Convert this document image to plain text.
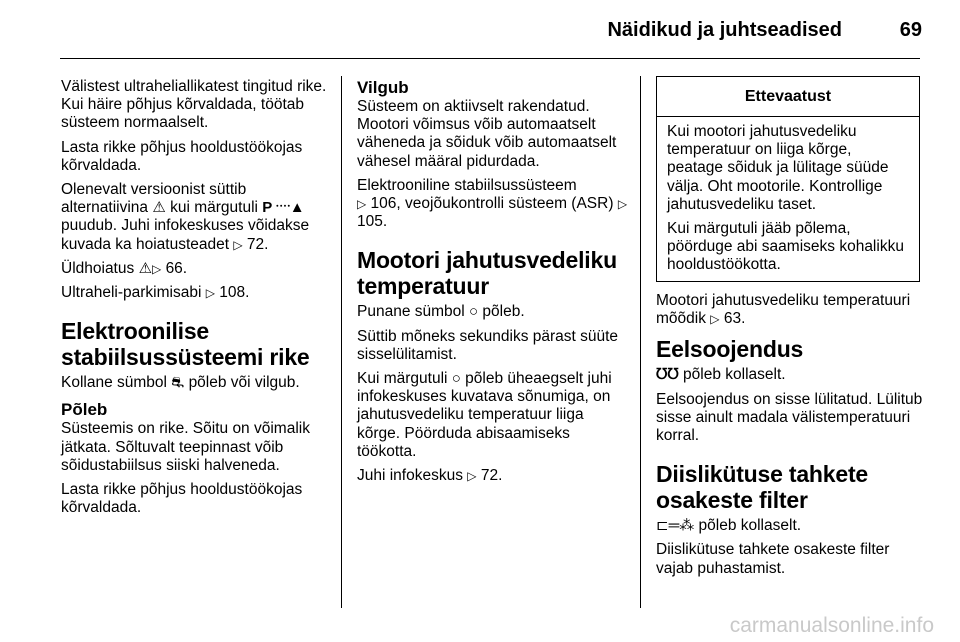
Näidikud ja juhtseadised	69
Välistest ultraheliallikatest tingitud rike. Kui häire põhjus kõrvaldada, töötab süsteem normaalselt.
Lasta rikke põhjus hooldustöökojas kõrvaldada.
Olenevalt versioonist süttib alternatiivina ⚠ kui märgutuli P᠁▲ puudub. Juhi infokeskuses võidakse kuvada ka hoiatusteadet ▷ 72.
Üldhoiatus ⚠▷ 66.
Ultraheli-parkimisabi ▷ 108.
Elektroonilise stabiilsussüsteemi rike
Kollane sümbol ⛐ põleb või vilgub.
Põleb
Süsteemis on rike. Sõitu on võimalik jätkata. Sõltuvalt teepinnast võib sõidustabiilsus siiski halveneda.
Lasta rikke põhjus hooldustöökojas kõrvaldada.
Vilgub
Süsteem on aktiivselt rakendatud. Mootori võimsus võib automaatselt väheneda ja sõiduk võib automaatselt vähesel määral pidurdada.
Elektrooniline stabiilsussüsteem
▷ 106, veojõukontrolli süsteem (ASR) ▷ 105.
Mootori jahutusvedeliku temperatuur
Punane sümbol ○ põleb.
Süttib mõneks sekundiks pärast süüte sisselülitamist.
Kui märgutuli ○ põleb üheaegselt juhi infokeskuses kuvatava sõnumiga, on jahutusvedeliku temperatuur liiga kõrge. Pöörduda abisaamiseks töökotta.
Juhi infokeskus ▷ 72.
Ettevaatust
Kui mootori jahutusvedeliku temperatuur on liiga kõrge, peatage sõiduk ja lülitage süüde välja. Oht mootorile. Kontrollige jahutusvedeliku taset.
Kui märgutuli jääb põlema, pöörduge abi saamiseks kohalikku hooldustöökotta.
Mootori jahutusvedeliku temperatuuri mõõdik ▷ 63.
Eelsoojendus
ᘮᘮ põleb kollaselt.
Eelsoojendus on sisse lülitatud. Lülitub sisse ainult madala välistemperatuuri korral.
Diislikütuse tahkete osakeste filter
⊏═⁂ põleb kollaselt.
Diislikütuse tahkete osakeste filter vajab puhastamist.
carmanualsonline.info
